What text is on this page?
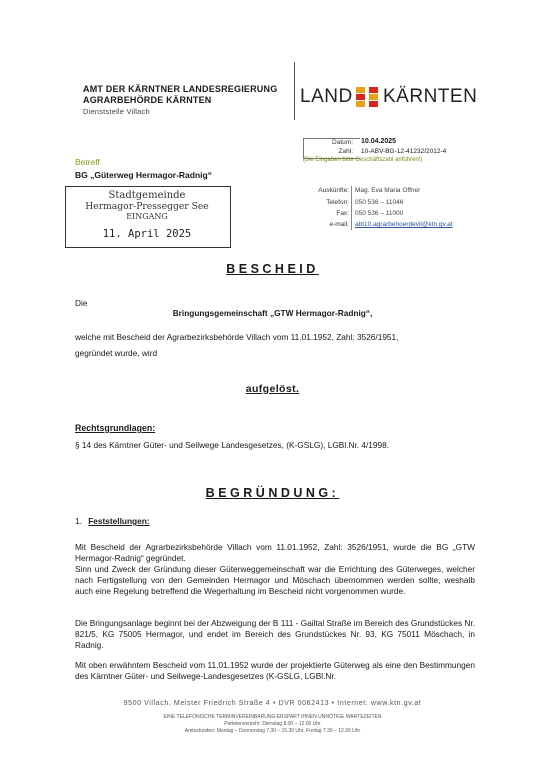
AMT DER KÄRNTNER LANDESREGIERUNG
AGRARBEHÖRDE KÄRNTEN
Dienststelle Villach
LAND KÄRNTEN
Datum:
Zahl:
10.04.2025
10-ABV-BG-12-41232/2012-4
(Bei Eingaben bitte Geschäftszahl anführen!)
Betreff
BG „Güterweg Hermagor-Radnig“
Stadtgemeinde
Hermagor-Pressegger See
EINGANG
11. April 2025
Auskünfte: Mag. Eva Maria Offner
Telefon: 050 536 – 11046
Fax: 050 536 – 11000
e-mail: abt10.agrarbehoerdevil@ktn.gv.at
BESCHEID
Die
Bringungsgemeinschaft „GTW Hermagor-Radnig“,
welche mit Bescheid der Agrarbezirksbehörde Villach vom 11.01.1952, Zahl: 3526/1951,
gegründet wurde, wird
aufgelöst.
Rechtsgrundlagen:
§ 14 des Kärntner Güter- und Seilwege Landesgesetzes, (K-GSLG), LGBl.Nr. 4/1998.
BEGRÜNDUNG:
1. Feststellungen:
Mit Bescheid der Agrarbezirksbehörde Villach vom 11.01.1952, Zahl: 3526/1951, wurde die BG „GTW Hermagor-Radnig“ gegründet.
Sinn und Zweck der Gründung dieser Güterweggemeinschaft war die Errichtung des Güterweges, welcher nach Fertigstellung von den Gemeinden Hermagor und Möschach übernommen werden sollte, weshalb auch eine Regelung betreffend die Wegerhaltung im Bescheid nicht vorgenommen wurde.
Die Bringungsanlage beginnt bei der Abzweigung der B 111 - Gailtal Straße im Bereich des Grundstückes Nr. 821/5, KG 75005 Hermagor, und endet im Bereich des Grundstückes Nr. 93, KG 75011 Möschach, in Radnig.
Mit oben erwähntem Bescheid vom 11.01.1952 wurde der projektierte Güterweg als eine den Bestimmungen des Kärntner Güter- und Seilwege-Landesgesetzes (K-GSLG, LGBl.Nr.
9500 Villach, Meister Friedrich Straße 4 • DVR 0062413 • Internet: www.ktn.gv.at
EINE TELEFONISCHE TERMINVEREINBARUNG ERSPART IHNEN UNNÖTIGE WARTEZEITEN
Parteienverkehr: Dienstag 8.00 – 12.00 Uhr
Amtsstunden: Montag – Donnerstag 7.30 – 15.30 Uhr, Freitag 7.30 – 12.30 Uhr
